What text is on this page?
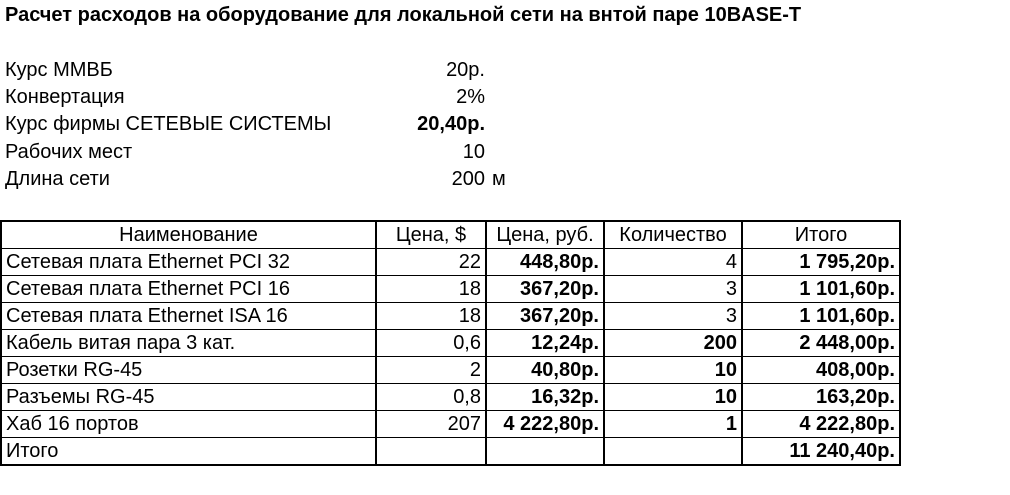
Расчет расходов на оборудование для локальной сети на внтой паре 10BASE-T
Курс ММВБ	20р.
Конвертация	2%
Курс фирмы СЕТЕВЫЕ СИСТЕМЫ	20,40р.
Рабочих мест	10
Длина сети	200 м
Наименование	Цена, $	Цена, руб.	Количество	Итого
Сетевая плата Ethernet PCI 32	22	448,80р.	4	1 795,20р.
Сетевая плата Ethernet PCI 16	18	367,20р.	3	1 101,60р.
Сетевая плата Ethernet ISA 16	18	367,20р.	3	1 101,60р.
Кабель витая пара 3 кат.	0,6	12,24р.	200	2 448,00р.
Розетки RG-45	2	40,80р.	10	408,00р.
Разъемы RG-45	0,8	16,32р.	10	163,20р.
Хаб 16 портов	207	4 222,80р.	1	4 222,80р.
Итого				11 240,40р.
